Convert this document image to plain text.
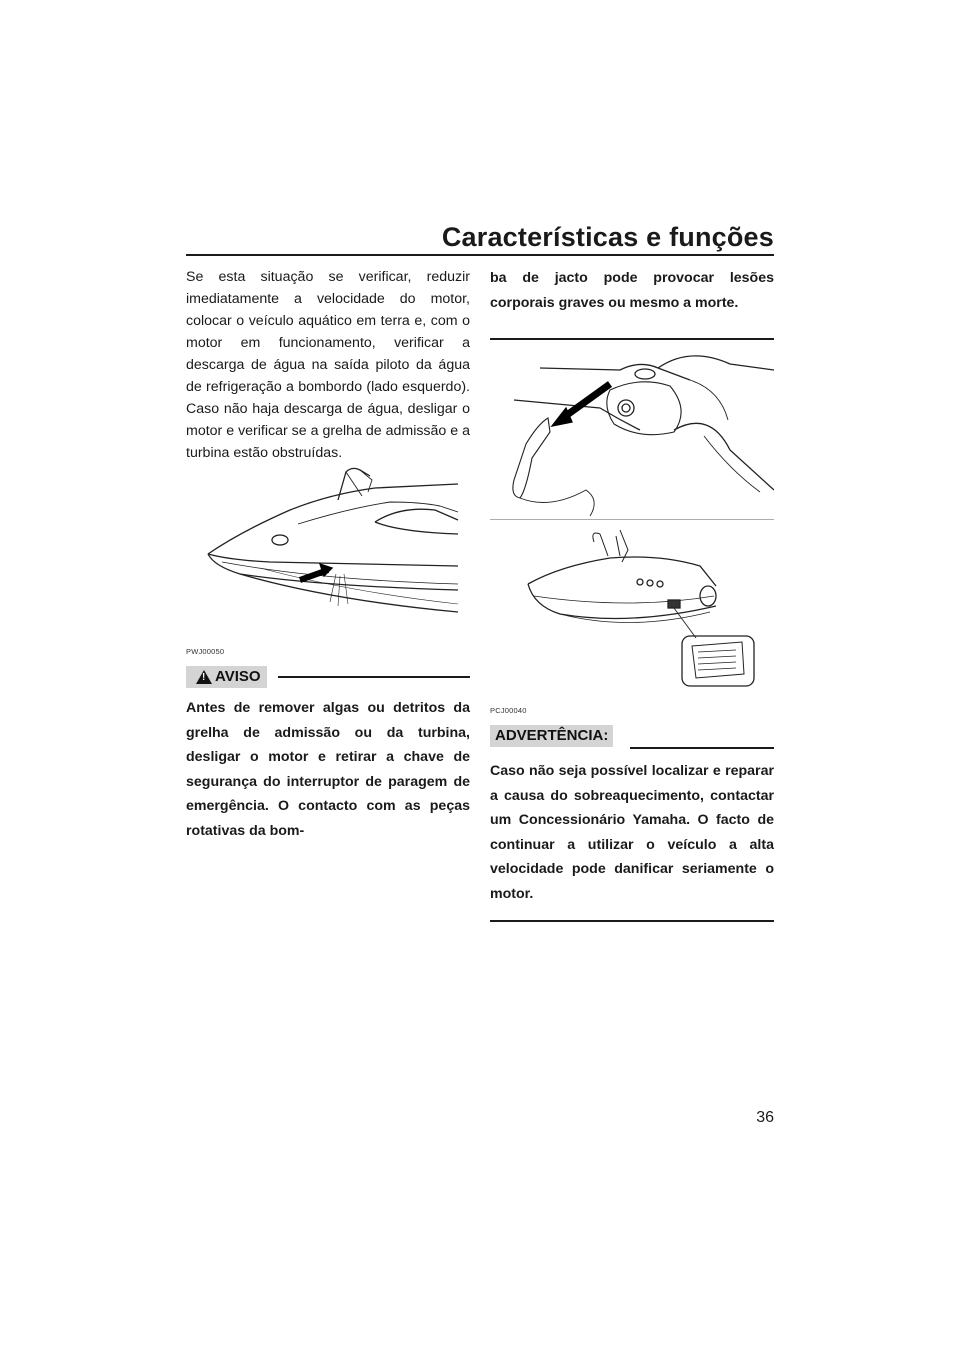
Características e funções

Se esta situação se verificar, reduzir imediatamente a velocidade do motor, colocar o veículo aquático em terra e, com o motor em funcionamento, verificar a descarga de água na saída piloto da água de refrigeração a bombordo (lado esquerdo). Caso não haja descarga de água, desligar o motor e verificar se a grelha de admissão e a turbina estão obstruídas.

PWJ00050
! AVISO

Antes de remover algas ou detritos da grelha de admissão ou da turbina, desligar o motor e retirar a chave de segurança do interruptor de paragem de emergência. O contacto com as peças rotativas da bom-

ba de jacto pode provocar lesões corporais graves ou mesmo a morte.

PCJ00040
ADVERTÊNCIA:

Caso não seja possível localizar e reparar a causa do sobreaquecimento, contactar um Concessionário Yamaha. O facto de continuar a utilizar o veículo a alta velocidade pode danificar seriamente o motor.

36
